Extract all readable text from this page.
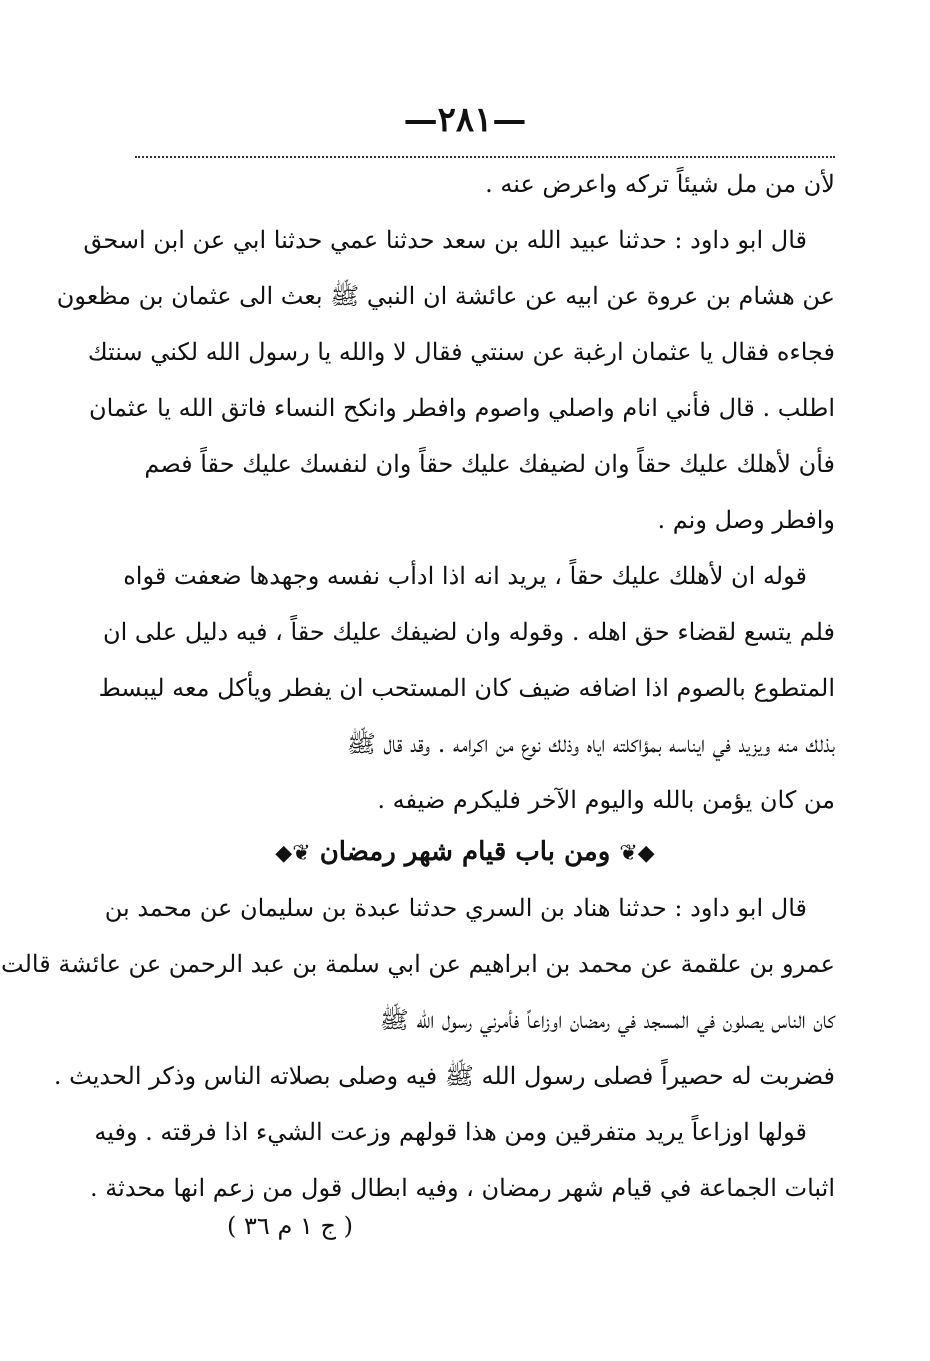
—٢٨١—
لأن من مل شيئاً تركه واعرض عنه .
قال ابو داود : حدثنا عبيد الله بن سعد حدثنا عمي حدثنا ابي عن ابن اسحق
عن هشام بن عروة عن ابيه عن عائشة ان النبي ﷺ بعث الى عثمان بن مظعون
فجاءه فقال يا عثمان ارغبة عن سنتي فقال لا والله يا رسول الله لكني سنتك
اطلب . قال فأني انام واصلي واصوم وافطر وانكح النساء فاتق الله يا عثمان
فأن لأهلك عليك حقاً وان لضيفك عليك حقاً وان لنفسك عليك حقاً فصم
وافطر وصل ونم .
قوله ان لأهلك عليك حقاً ، يريد انه اذا ادأب نفسه وجهدها ضعفت قواه
فلم يتسع لقضاء حق اهله . وقوله وان لضيفك عليك حقاً ، فيه دليل على ان
المتطوع بالصوم اذا اضافه ضيف كان المستحب ان يفطر ويأكل معه ليبسط
بذلك منه ويزيد في ايناسه بمؤاكلته اياه وذلك نوع من اكرامه . وقد قال ﷺ
من كان يؤمن بالله واليوم الآخر فليكرم ضيفه .
◆❦ ومن باب قيام شهر رمضان ❦◆
قال ابو داود : حدثنا هناد بن السري حدثنا عبدة بن سليمان عن محمد بن
عمرو بن علقمة عن محمد بن ابراهيم عن ابي سلمة بن عبد الرحمن عن عائشة قالت
كان الناس يصلون في المسجد في رمضان اوزاعاً فأمرني رسول الله ﷺ
فضربت له حصيراً فصلى رسول الله ﷺ فيه وصلى بصلاته الناس وذكر الحديث .
قولها اوزاعاً يريد متفرقين ومن هذا قولهم وزعت الشيء اذا فرقته . وفيه
اثبات الجماعة في قيام شهر رمضان ، وفيه ابطال قول من زعم انها محدثة .
( ج ١ م ٣٦ )
